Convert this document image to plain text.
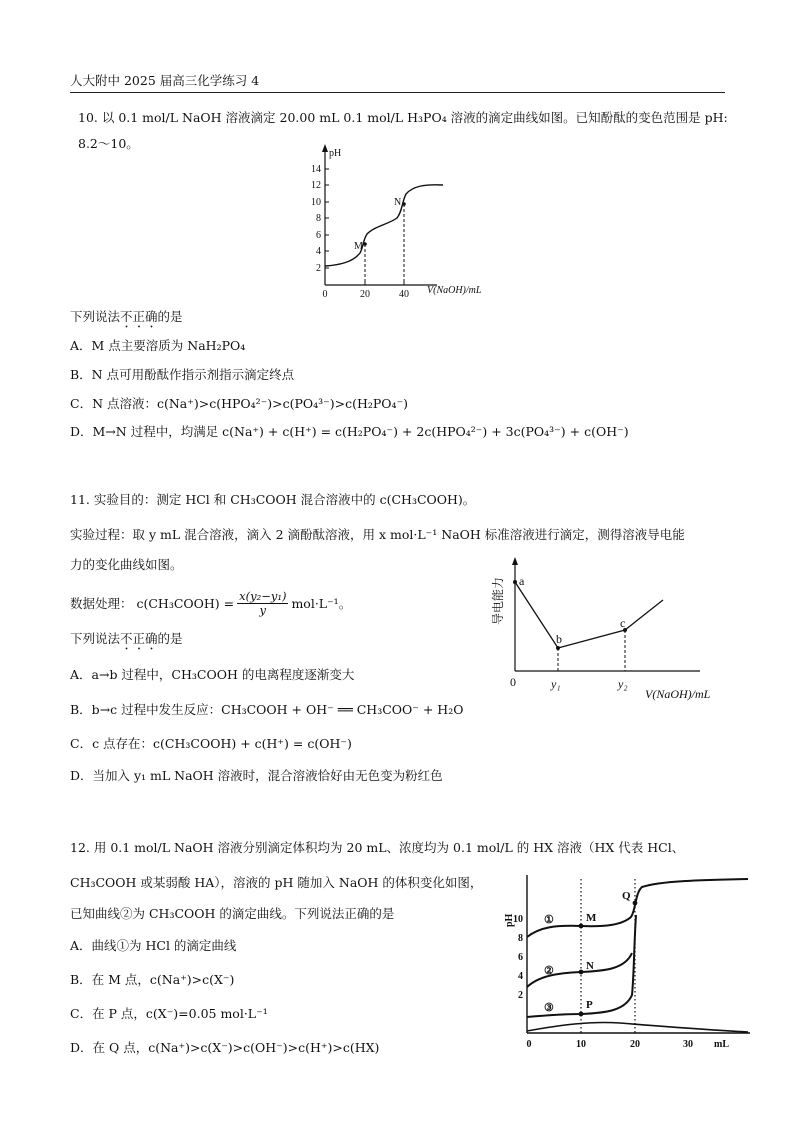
人大附中 2025 届高三化学练习 4
10. 以 0.1 mol/L NaOH 溶液滴定 20.00 mL 0.1 mol/L H₃PO₄ 溶液的滴定曲线如图。已知酚酞的变色范围是 pH:
8.2～10。
pH
2
4
6
8
10
12
14
0	20	40 V(NaOH)/mL
M
N
下列说法不正确的是
A．M 点主要溶质为 NaH₂PO₄
B．N 点可用酚酞作指示剂指示滴定终点
C．N 点溶液：c(Na⁺)>c(HPO₄²⁻)>c(PO₄³⁻)>c(H₂PO₄⁻)
D．M→N 过程中，均满足 c(Na⁺) + c(H⁺) = c(H₂PO₄⁻) + 2c(HPO₄²⁻) + 3c(PO₄³⁻) + c(OH⁻)
11. 实验目的：测定 HCl 和 CH₃COOH 混合溶液中的 c(CH₃COOH)。
实验过程：取 y mL 混合溶液，滴入 2 滴酚酞溶液，用 x mol·L⁻¹ NaOH 标准溶液进行滴定，测得溶液导电能
力的变化曲线如图。
数据处理： c(CH₃COOH) = $\frac{\text{x(y₂−y₁)}}{y} mol\cdot L^{-1}$。
下列说法不正确的是
A．a→b 过程中，CH₃COOH 的电离程度逐渐变大
B．b→c 过程中发生反应：CH₃COOH + OH⁻ ══ CH₃COO⁻ + H₂O
C．c 点存在：c(CH₃COOH) + c(H⁺) = c(OH⁻)
D．当加入 y₁ mL NaOH 溶液时，混合溶液恰好由无色变为粉红色
导电能力
0
a
b
c
y₁	y₂
V(NaOH)/mL
12. 用 0.1 mol/L NaOH 溶液分别滴定体积均为 20 mL、浓度均为 0.1 mol/L 的 HX 溶液（HX 代表 HCl、
CH₃COOH 或某弱酸 HA），溶液的 pH 随加入 NaOH 的体积变化如图，
已知曲线②为 CH₃COOH 的滴定曲线。下列说法正确的是
A．曲线①为 HCl 的滴定曲线
B．在 M 点，c(Na⁺)>c(X⁻)
C．在 P 点，c(X⁻)=0.05 mol·L⁻¹
D．在 Q 点，c(Na⁺)>c(X⁻)>c(OH⁻)>c(H⁺)>c(HX)
pH
2
4
6
8
10
0	10	20	30 mL
①
②
③
M
N
P
Q
